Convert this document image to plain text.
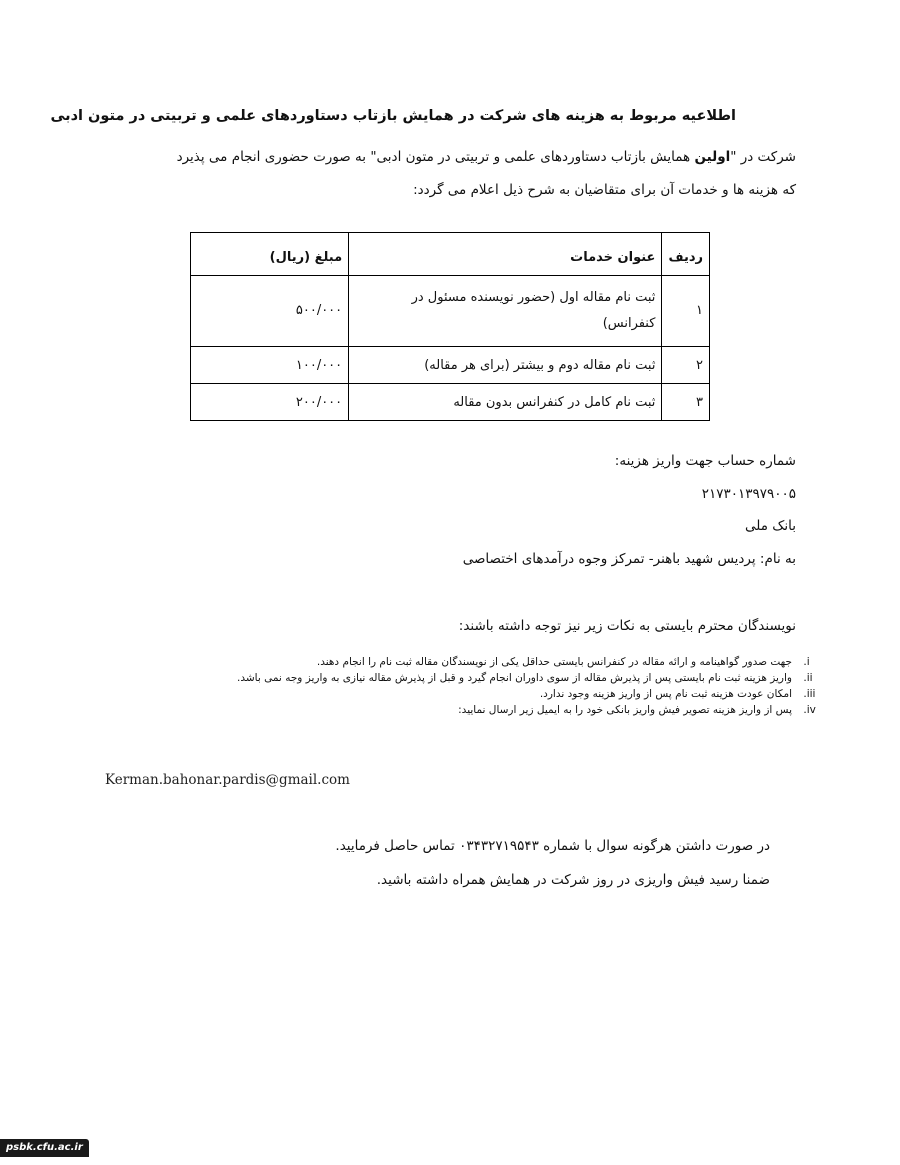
اطلاعیه مربوط به هزینه های شرکت در همایش بازتاب دستاوردهای علمی و تربیتی در متون ادبی
شرکت در "اولین همایش بازتاب دستاوردهای علمی و تربیتی در متون ادبی" به صورت حضوری انجام می پذیرد
که هزینه ها و خدمات آن برای متقاضیان به شرح ذیل اعلام می گردد:
ردیف	عنوان خدمات	مبلغ (ریال)
۱	ثبت نام مقاله اول (حضور نویسنده مسئول در کنفرانس)	۵۰۰/۰۰۰
۲	ثبت نام مقاله دوم و بیشتر (برای هر مقاله)	۱۰۰/۰۰۰
۳	ثبت نام کامل در کنفرانس بدون مقاله	۲۰۰/۰۰۰
شماره حساب جهت واریز هزینه:
۲۱۷۳۰۱۳۹۷۹۰۰۵
بانک ملی
به نام: پردیس شهید باهنر- تمرکز وجوه درآمدهای اختصاصی
نویسندگان محترم بایستی به نکات زیر نیز توجه داشته باشند:
i. جهت صدور گواهینامه و ارائه مقاله در کنفرانس بایستی حداقل یکی از نویسندگان مقاله ثبت نام را انجام دهند.
ii. واریز هزینه ثبت نام بایستی پس از پذیرش مقاله از سوی داوران انجام گیرد و قبل از پذیرش مقاله نیازی به واریز وجه نمی باشد.
iii. امکان عودت هزینه ثبت نام پس از واریز هزینه وجود ندارد.
iv. پس از واریز هزینه تصویر فیش واریز بانکی خود را به ایمیل زیر ارسال نمایید:
Kerman.bahonar.pardis@gmail.com
در صورت داشتن هرگونه سوال با شماره ۰۳۴۳۲۷۱۹۵۴۳ تماس حاصل فرمایید.
ضمنا رسید فیش واریزی در روز شرکت در همایش همراه داشته باشید.
psbk.cfu.ac.ir
